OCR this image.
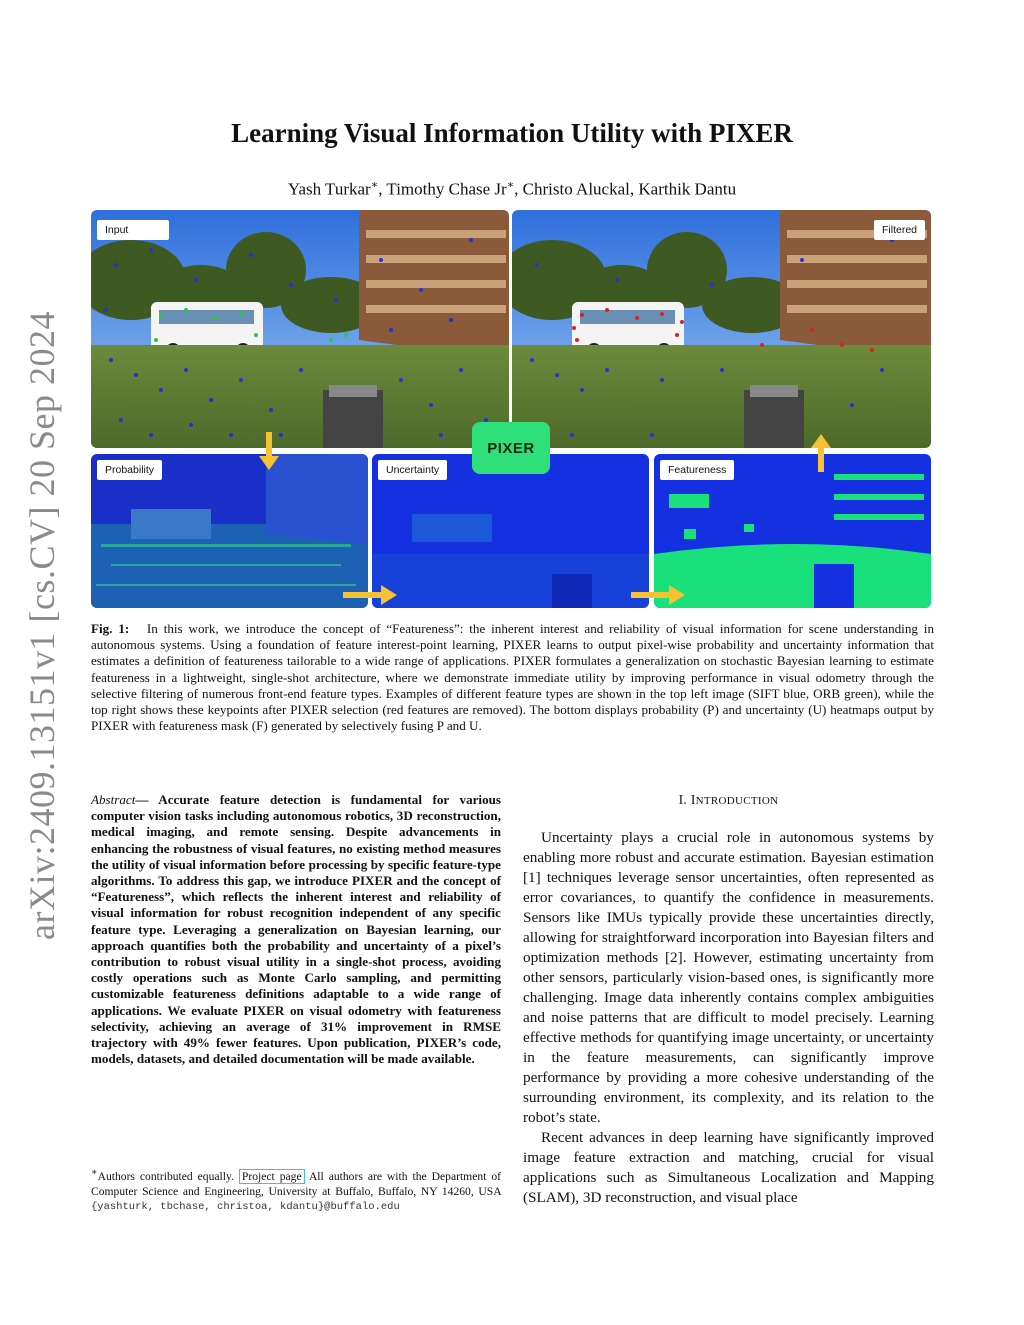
arXiv:2409.13151v1 [cs.CV] 20 Sep 2024
Learning Visual Information Utility with PIXER
Yash Turkar∗, Timothy Chase Jr∗, Christo Aluckal, Karthik Dantu
Input	Filtered
Probability	Uncertainty	Featureness
PIXER
Fig. 1: In this work, we introduce the concept of “Featureness”: the inherent interest and reliability of visual information for scene understanding in autonomous systems. Using a foundation of feature interest-point learning, PIXER learns to output pixel-wise probability and uncertainty information that estimates a definition of featureness tailorable to a wide range of applications. PIXER formulates a generalization on stochastic Bayesian learning to estimate featureness in a lightweight, single-shot architecture, where we demonstrate immediate utility by improving performance in visual odometry through the selective filtering of numerous front-end feature types. Examples of different feature types are shown in the top left image (SIFT blue, ORB green), while the top right shows these keypoints after PIXER selection (red features are removed). The bottom displays probability (P) and uncertainty (U) heatmaps output by PIXER with featureness mask (F) generated by selectively fusing P and U.
Abstract— Accurate feature detection is fundamental for various computer vision tasks including autonomous robotics, 3D reconstruction, medical imaging, and remote sensing. Despite advancements in enhancing the robustness of visual features, no existing method measures the utility of visual information before processing by specific feature-type algorithms. To address this gap, we introduce PIXER and the concept of “Featureness”, which reflects the inherent interest and reliability of visual information for robust recognition independent of any specific feature type. Leveraging a generalization on Bayesian learning, our approach quantifies both the probability and uncertainty of a pixel’s contribution to robust visual utility in a single-shot process, avoiding costly operations such as Monte Carlo sampling, and permitting customizable featureness definitions adaptable to a wide range of applications. We evaluate PIXER on visual odometry with featureness selectivity, achieving an average of 31% improvement in RMSE trajectory with 49% fewer features. Upon publication, PIXER’s code, models, datasets, and detailed documentation will be made available.
∗Authors contributed equally. Project page All authors are with the Department of Computer Science and Engineering, University at Buffalo, Buffalo, NY 14260, USA {yashturk, tbchase, christoa, kdantu}@buffalo.edu
I. INTRODUCTION

Uncertainty plays a crucial role in autonomous systems by enabling more robust and accurate estimation. Bayesian estimation [1] techniques leverage sensor uncertainties, often represented as error covariances, to quantify the confidence in measurements. Sensors like IMUs typically provide these uncertainties directly, allowing for straightforward incorporation into Bayesian filters and optimization methods [2]. However, estimating uncertainty from other sensors, particularly vision-based ones, is significantly more challenging. Image data inherently contains complex ambiguities and noise patterns that are difficult to model precisely. Learning effective methods for quantifying image uncertainty, or uncertainty in the feature measurements, can significantly improve performance by providing a more cohesive understanding of the surrounding environment, its complexity, and its relation to the robot’s state.

Recent advances in deep learning have significantly improved image feature extraction and matching, crucial for visual applications such as Simultaneous Localization and Mapping (SLAM), 3D reconstruction, and visual place
